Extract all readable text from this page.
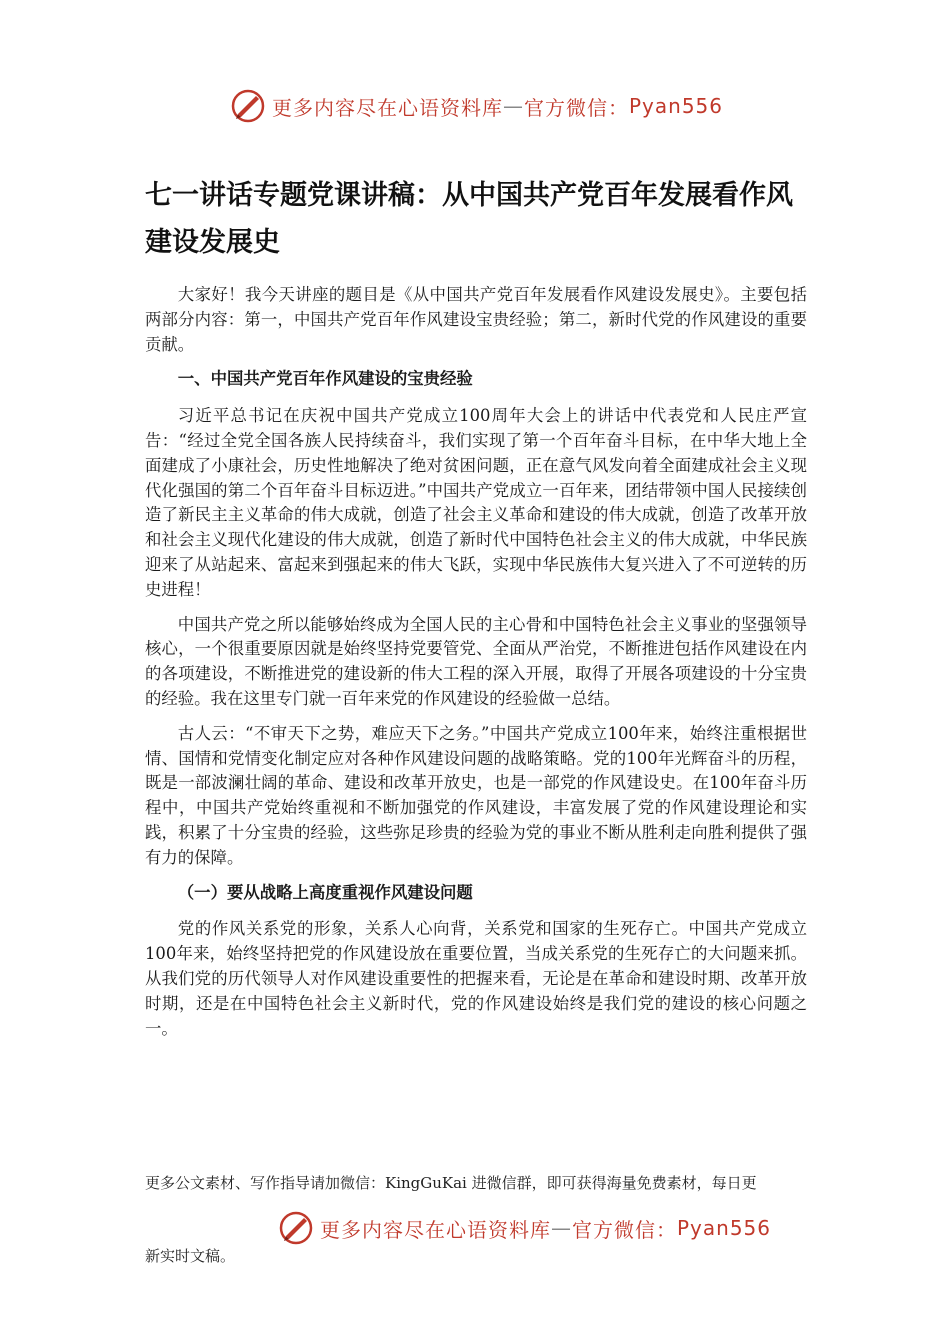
更多内容尽在心语资料库 — 官方微信： Pyan556
七一讲话专题党课讲稿：从中国共产党百年发展看作风建设发展史

大家好！我今天讲座的题目是《从中国共产党百年发展看作风建设发展史》。主要包括两部分内容：第一，中国共产党百年作风建设宝贵经验；第二，新时代党的作风建设的重要贡献。

一、中国共产党百年作风建设的宝贵经验

习近平总书记在庆祝中国共产党成立100周年大会上的讲话中代表党和人民庄严宣告：“经过全党全国各族人民持续奋斗，我们实现了第一个百年奋斗目标，在中华大地上全面建成了小康社会，历史性地解决了绝对贫困问题，正在意气风发向着全面建成社会主义现代化强国的第二个百年奋斗目标迈进。”中国共产党成立一百年来，团结带领中国人民接续创造了新民主主义革命的伟大成就，创造了社会主义革命和建设的伟大成就，创造了改革开放和社会主义现代化建设的伟大成就，创造了新时代中国特色社会主义的伟大成就，中华民族迎来了从站起来、富起来到强起来的伟大飞跃，实现中华民族伟大复兴进入了不可逆转的历史进程！

中国共产党之所以能够始终成为全国人民的主心骨和中国特色社会主义事业的坚强领导核心，一个很重要原因就是始终坚持党要管党、全面从严治党，不断推进包括作风建设在内的各项建设，不断推进党的建设新的伟大工程的深入开展，取得了开展各项建设的十分宝贵的经验。我在这里专门就一百年来党的作风建设的经验做一总结。

古人云：“不审天下之势，难应天下之务。”中国共产党成立100年来，始终注重根据世情、国情和党情变化制定应对各种作风建设问题的战略策略。党的100年光辉奋斗的历程，既是一部波澜壮阔的革命、建设和改革开放史，也是一部党的作风建设史。在100年奋斗历程中，中国共产党始终重视和不断加强党的作风建设，丰富发展了党的作风建设理论和实践，积累了十分宝贵的经验，这些弥足珍贵的经验为党的事业不断从胜利走向胜利提供了强有力的保障。

（一）要从战略上高度重视作风建设问题

党的作风关系党的形象，关系人心向背，关系党和国家的生死存亡。中国共产党成立100年来，始终坚持把党的作风建设放在重要位置，当成关系党的生死存亡的大问题来抓。从我们党的历代领导人对作风建设重要性的把握来看，无论是在革命和建设时期、改革开放时期，还是在中国特色社会主义新时代，党的作风建设始终是我们党的建设的核心问题之一。

更多公文素材、写作指导请加微信：KingGuKai 进微信群，即可获得海量免费素材，每日更
更多内容尽在心语资料库 — 官方微信： Pyan556
新实时文稿。
